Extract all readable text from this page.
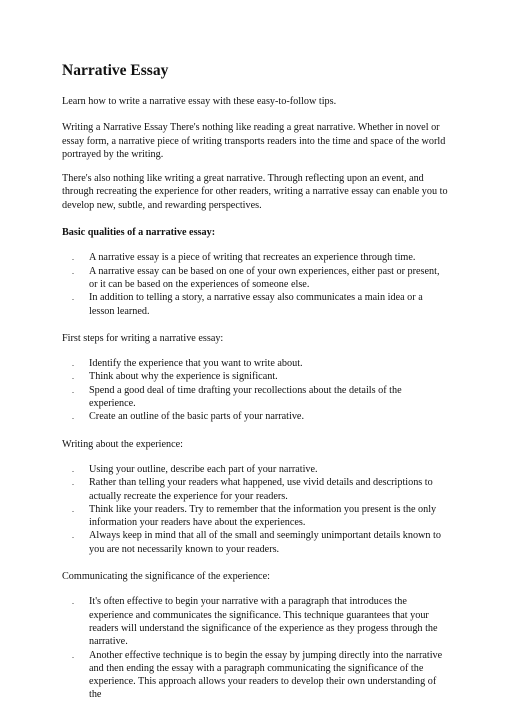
Narrative Essay

Learn how to write a narrative essay with these easy-to-follow tips.

Writing a Narrative Essay There's nothing like reading a great narrative. Whether in novel or essay form, a narrative piece of writing transports readers into the time and space of the world portrayed by the writing.

There's also nothing like writing a great narrative. Through reflecting upon an event, and through recreating the experience for other readers, writing a narrative essay can enable you to develop new, subtle, and rewarding perspectives.

Basic qualities of a narrative essay:

. A narrative essay is a piece of writing that recreates an experience through time.
. A narrative essay can be based on one of your own experiences, either past or present, or it can be based on the experiences of someone else.
. In addition to telling a story, a narrative essay also communicates a main idea or a lesson learned.

First steps for writing a narrative essay:

. Identify the experience that you want to write about.
. Think about why the experience is significant.
. Spend a good deal of time drafting your recollections about the details of the experience.
. Create an outline of the basic parts of your narrative.

Writing about the experience:

. Using your outline, describe each part of your narrative.
. Rather than telling your readers what happened, use vivid details and descriptions to actually recreate the experience for your readers.
. Think like your readers. Try to remember that the information you present is the only information your readers have about the experiences.
. Always keep in mind that all of the small and seemingly unimportant details known to you are not necessarily known to your readers.

Communicating the significance of the experience:

. It's often effective to begin your narrative with a paragraph that introduces the experience and communicates the significance. This technique guarantees that your readers will understand the significance of the experience as they progess through the narrative.
. Another effective technique is to begin the essay by jumping directly into the narrative and then ending the essay with a paragraph communicating the significance of the experience. This approach allows your readers to develop their own understanding of the
